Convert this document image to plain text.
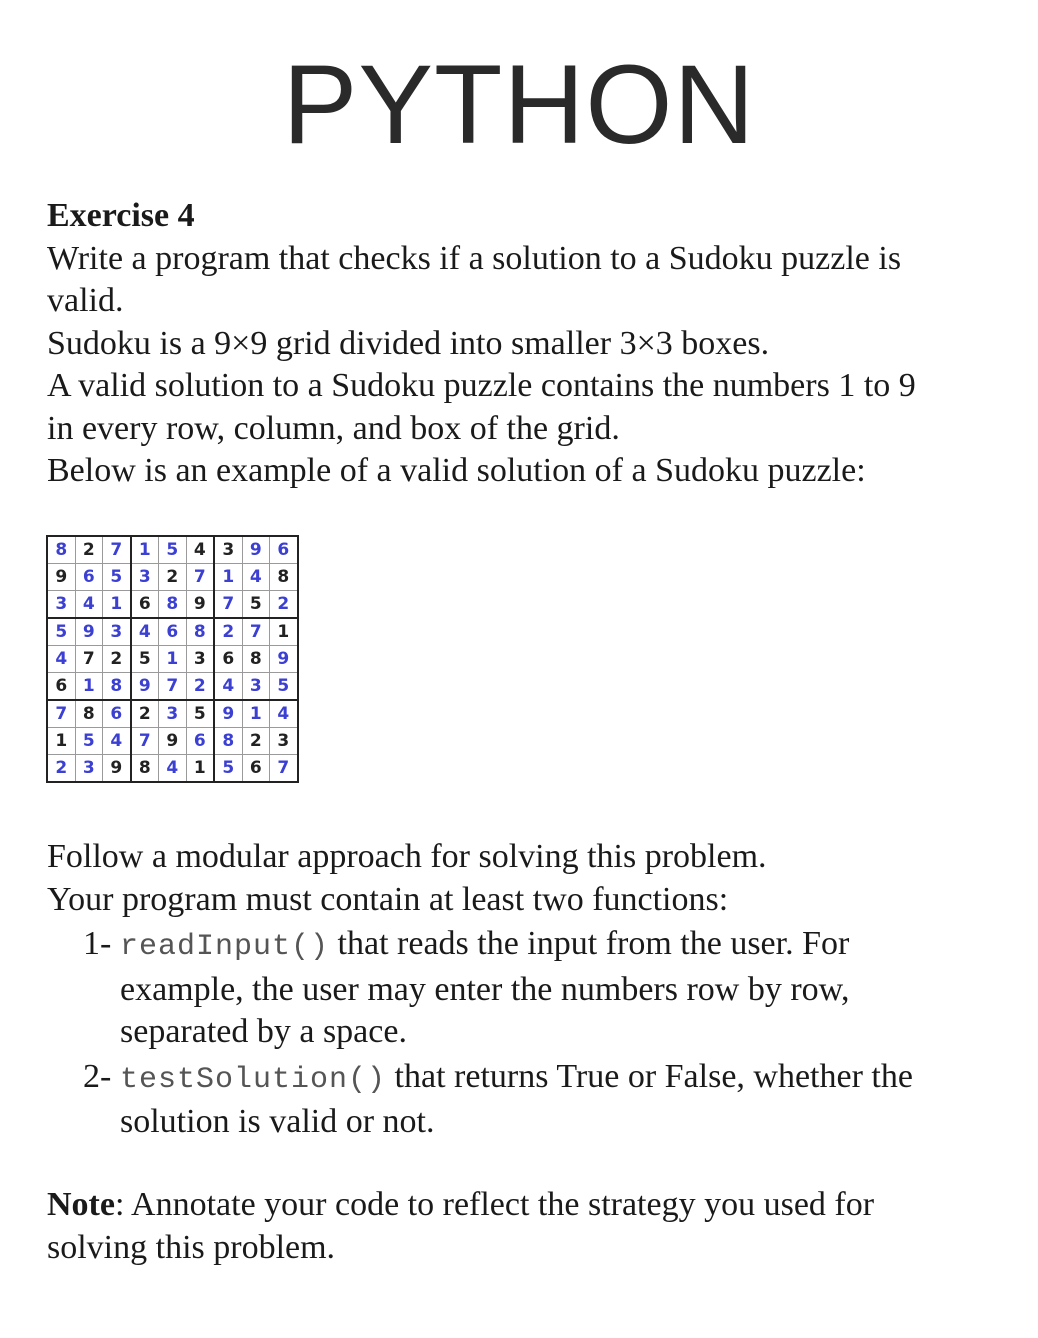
PYTHON
Exercise 4
Write a program that checks if a solution to a Sudoku puzzle is
valid.
Sudoku is a 9×9 grid divided into smaller 3×3 boxes.
A valid solution to a Sudoku puzzle contains the numbers 1 to 9
in every row, column, and box of the grid.
Below is an example of a valid solution of a Sudoku puzzle:
8	2	7	1	5	4	3	9	6
9	6	5	3	2	7	1	4	8
3	4	1	6	8	9	7	5	2
5	9	3	4	6	8	2	7	1
4	7	2	5	1	3	6	8	9
6	1	8	9	7	2	4	3	5
7	8	6	2	3	5	9	1	4
1	5	4	7	9	6	8	2	3
2	3	9	8	4	1	5	6	7
Follow a modular approach for solving this problem.
Your program must contain at least two functions:
1- readInput() that reads the input from the user. For
example, the user may enter the numbers row by row,
separated by a space.
2- testSolution() that returns True or False, whether the
solution is valid or not.
Note: Annotate your code to reflect the strategy you used for
solving this problem.
